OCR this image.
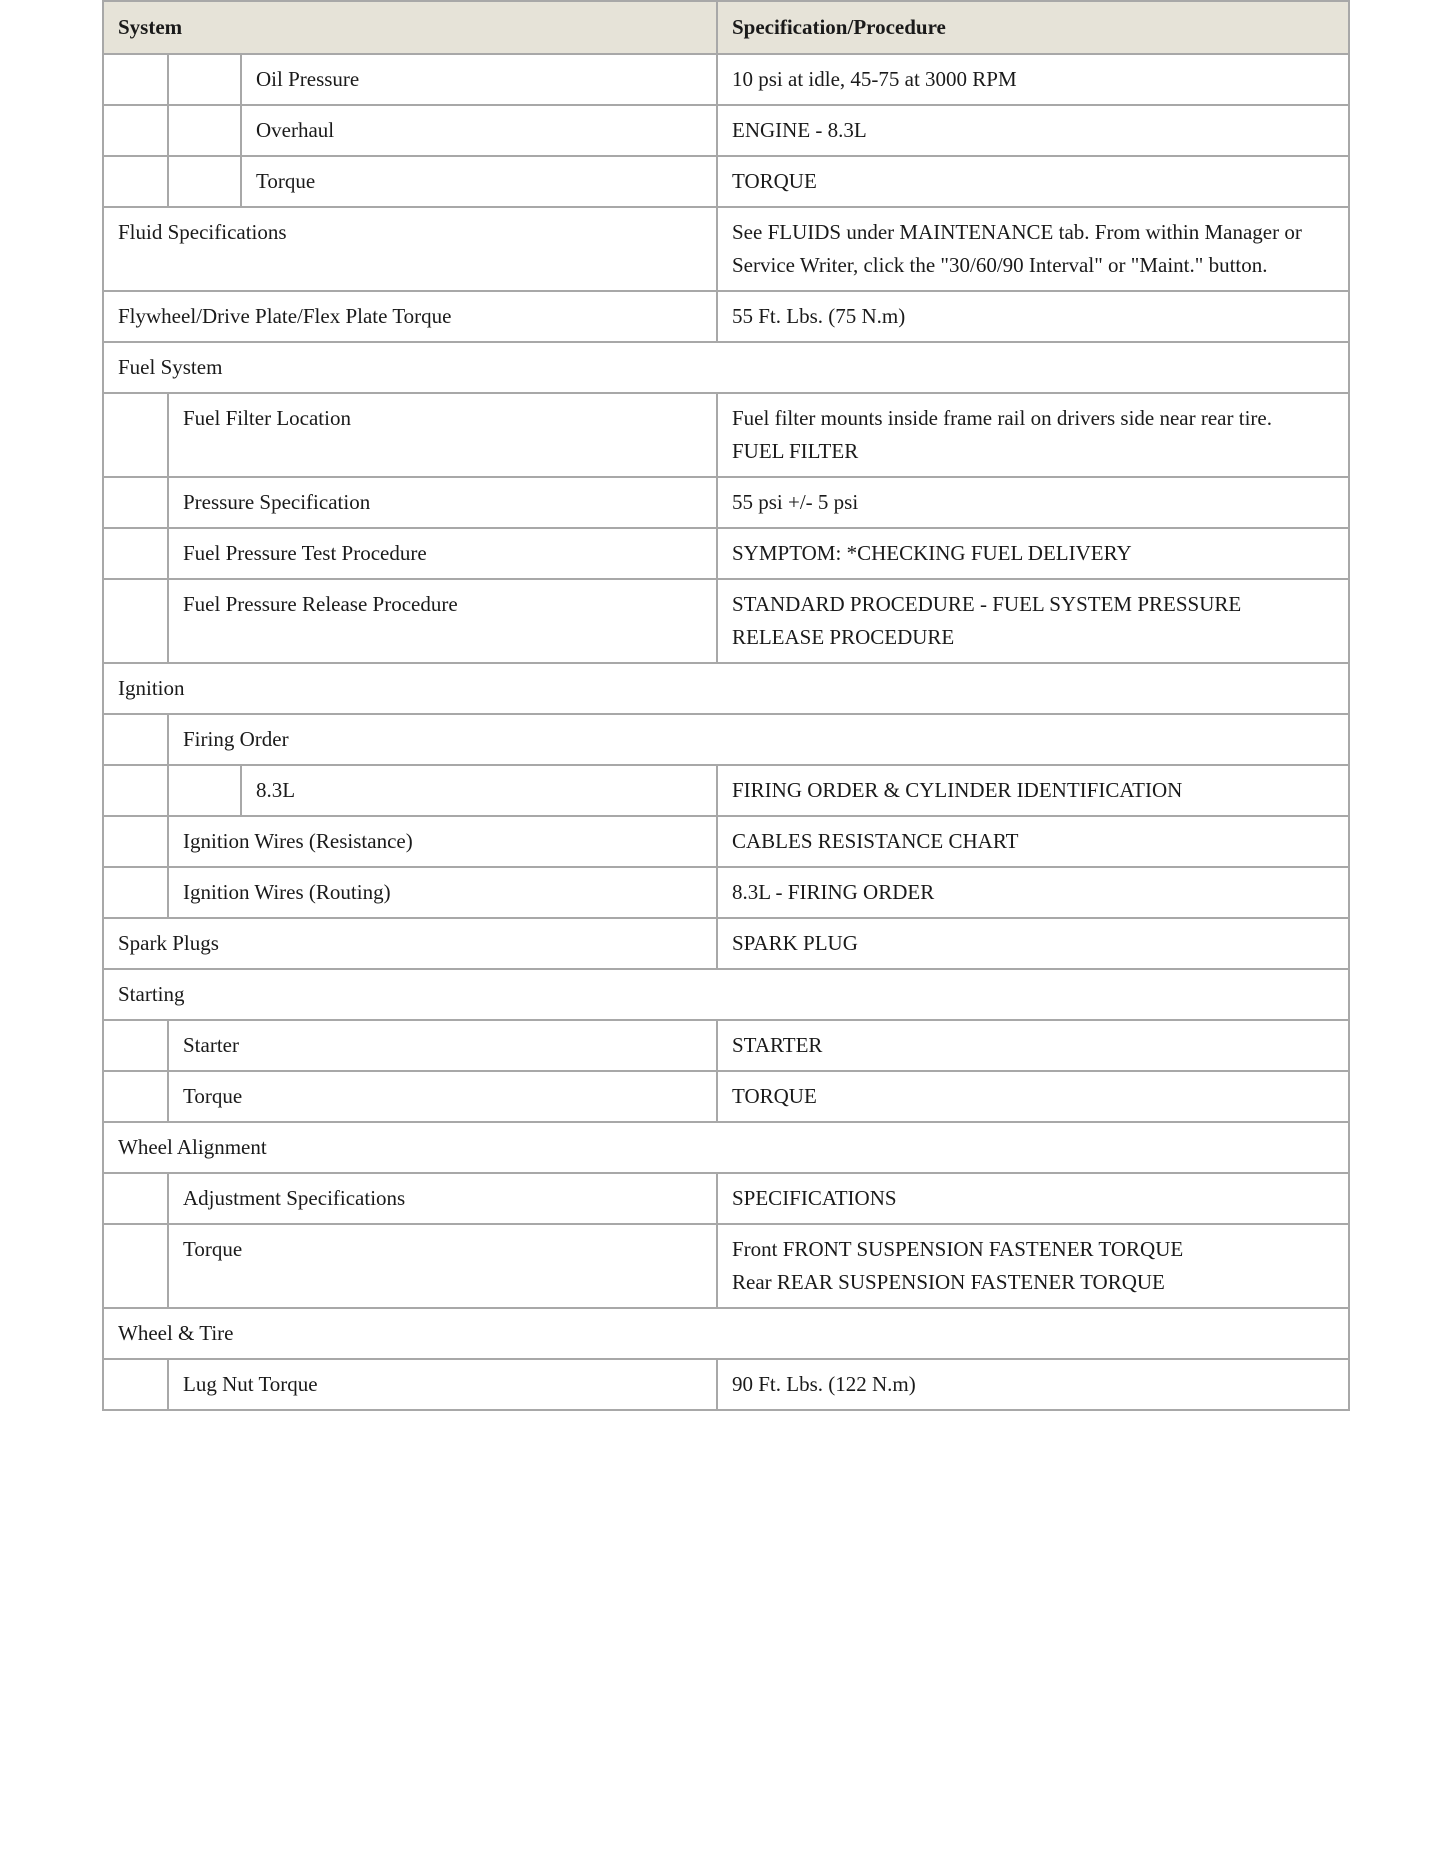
System			Specification/Procedure
		Oil Pressure	10 psi at idle, 45-75 at 3000 RPM
		Overhaul	ENGINE - 8.3L
		Torque	TORQUE
Fluid Specifications			See FLUIDS under MAINTENANCE tab. From within Manager or
Service Writer, click the "30/60/90 Interval" or "Maint." button.

Flywheel/Drive Plate/Flex Plate Torque			55 Ft. Lbs. (75 N.m)
Fuel System			
	Fuel Filter Location		Fuel filter mounts inside frame rail on drivers side near rear tire.
FUEL FILTER

	Pressure Specification		55 psi +/- 5 psi
	Fuel Pressure Test Procedure		SYMPTOM: *CHECKING FUEL DELIVERY
	Fuel Pressure Release Procedure		STANDARD PROCEDURE - FUEL SYSTEM PRESSURE
RELEASE PROCEDURE

Ignition			
	Firing Order		
		8.3L	FIRING ORDER & CYLINDER IDENTIFICATION
	Ignition Wires (Resistance)		CABLES RESISTANCE CHART
	Ignition Wires (Routing)		8.3L - FIRING ORDER
Spark Plugs			SPARK PLUG
Starting			
	Starter		STARTER
	Torque		TORQUE
Wheel Alignment			
	Adjustment Specifications		SPECIFICATIONS
	Torque		Front FRONT SUSPENSION FASTENER TORQUE
Rear REAR SUSPENSION FASTENER TORQUE

Wheel & Tire			
	Lug Nut Torque		90 Ft. Lbs. (122 N.m)
